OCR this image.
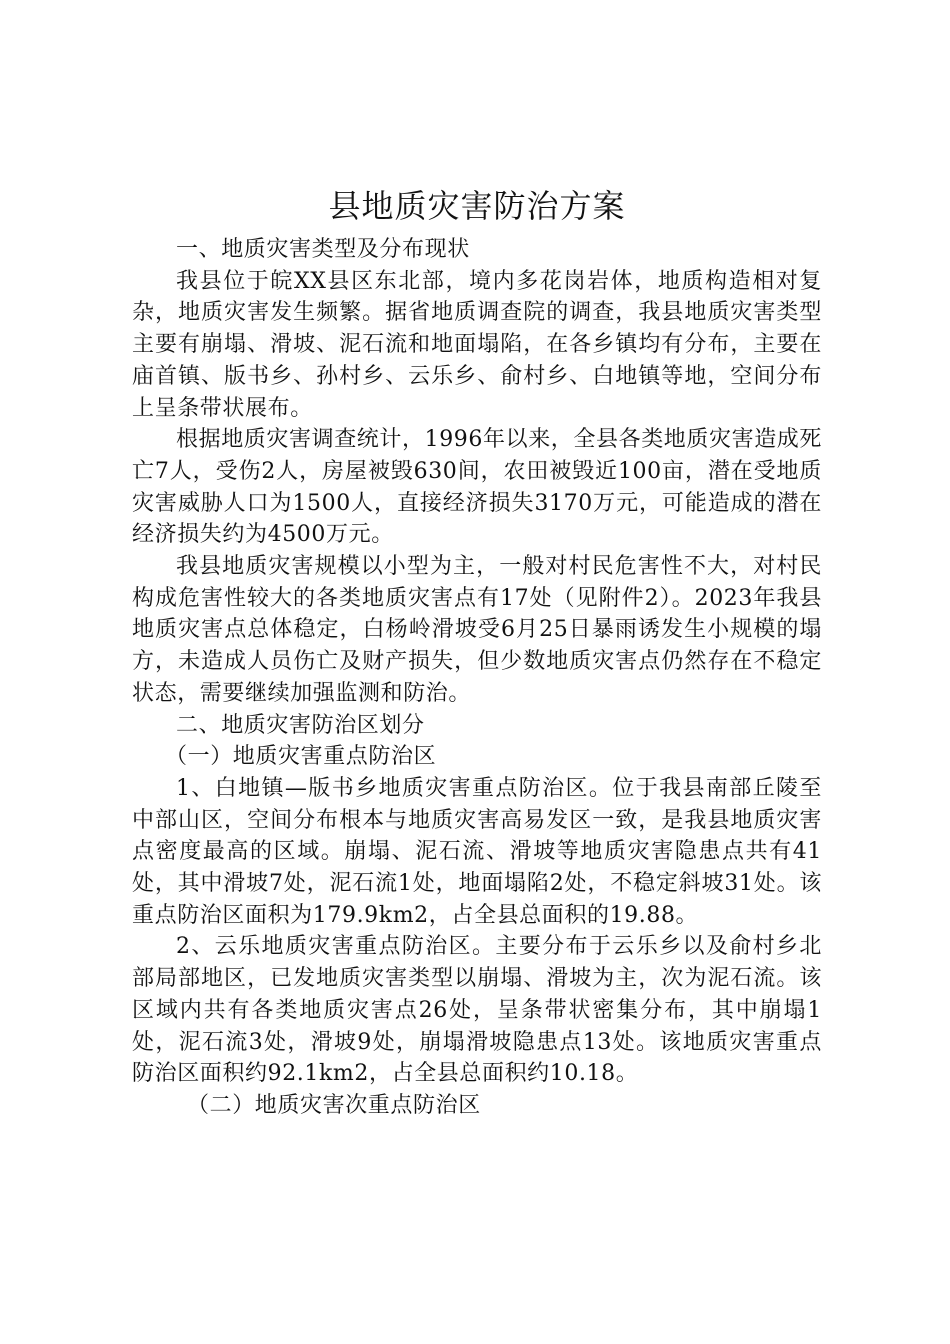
县地质灾害防治方案

一、地质灾害类型及分布现状

我县位于皖XX县区东北部，境内多花岗岩体，地质构造相对复杂，地质灾害发生频繁。据省地质调查院的调查，我县地质灾害类型主要有崩塌、滑坡、泥石流和地面塌陷，在各乡镇均有分布，主要在庙首镇、版书乡、孙村乡、云乐乡、俞村乡、白地镇等地，空间分布上呈条带状展布。

根据地质灾害调查统计，1996年以来，全县各类地质灾害造成死亡7人，受伤2人，房屋被毁630间，农田被毁近100亩，潜在受地质灾害威胁人口为1500人，直接经济损失3170万元，可能造成的潜在经济损失约为4500万元。

我县地质灾害规模以小型为主，一般对村民危害性不大，对村民构成危害性较大的各类地质灾害点有17处（见附件2）。2023年我县地质灾害点总体稳定，白杨岭滑坡受6月25日暴雨诱发生小规模的塌方，未造成人员伤亡及财产损失，但少数地质灾害点仍然存在不稳定状态，需要继续加强监测和防治。

二、地质灾害防治区划分

（一）地质灾害重点防治区

1、白地镇—版书乡地质灾害重点防治区。位于我县南部丘陵至中部山区，空间分布根本与地质灾害高易发区一致，是我县地质灾害点密度最高的区域。崩塌、泥石流、滑坡等地质灾害隐患点共有41处，其中滑坡7处，泥石流1处，地面塌陷2处，不稳定斜坡31处。该重点防治区面积为179.9km2，占全县总面积的19.88。

2、云乐地质灾害重点防治区。主要分布于云乐乡以及俞村乡北部局部地区，已发地质灾害类型以崩塌、滑坡为主，次为泥石流。该区域内共有各类地质灾害点26处，呈条带状密集分布，其中崩塌1处，泥石流3处，滑坡9处，崩塌滑坡隐患点13处。该地质灾害重点防治区面积约92.1km2，占全县总面积约10.18。

（二）地质灾害次重点防治区
